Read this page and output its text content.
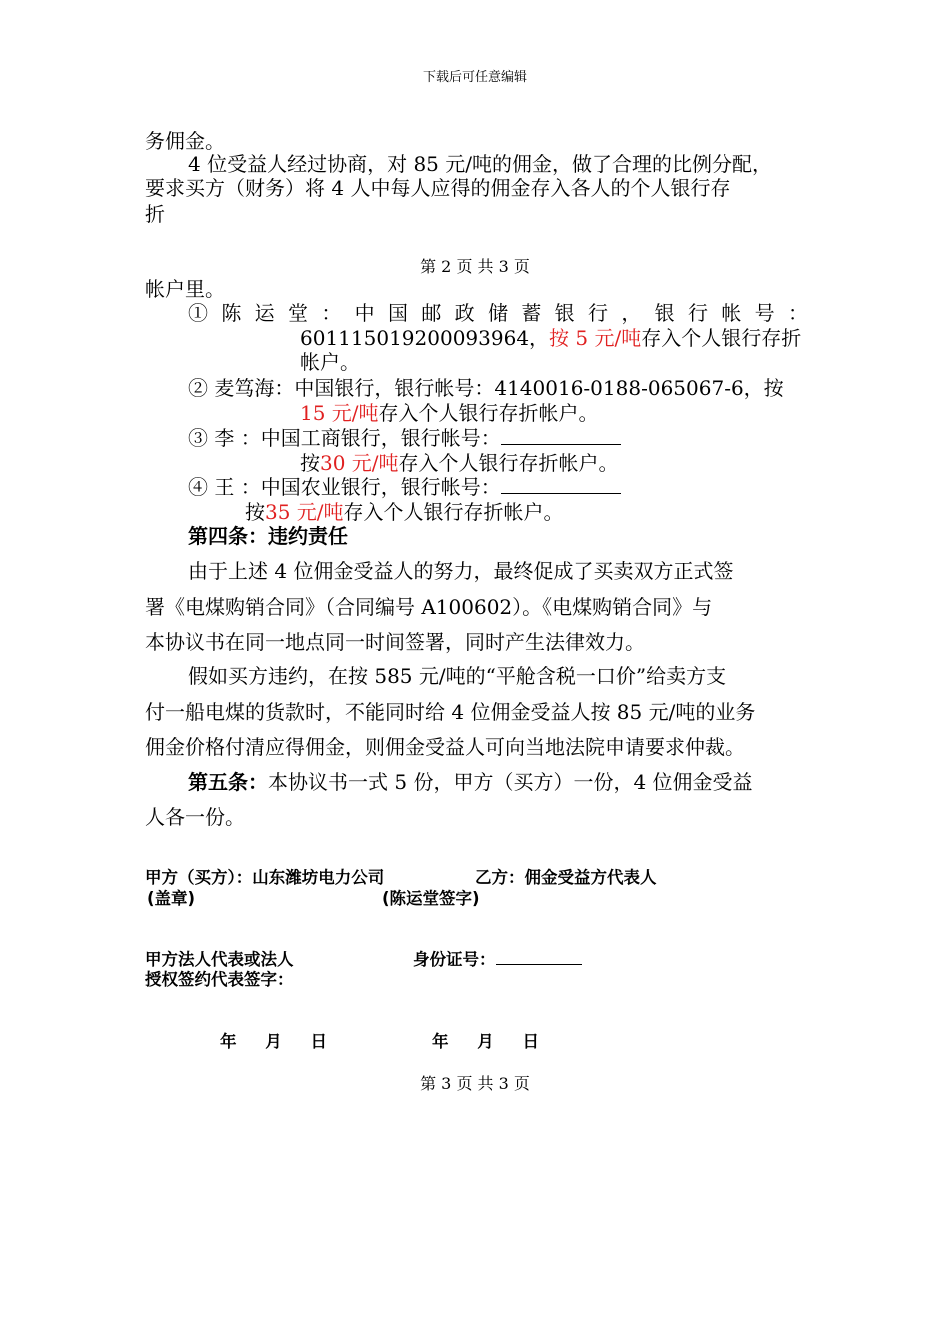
下载后可任意编辑
务佣金。
4 位受益人经过协商，对 85 元/吨的佣金，做了合理的比例分配，
要求买方（财务）将 4 人中每人应得的佣金存入各人的个人银行存
折
第 2 页 共 3 页
帐户里。
① 陈 运 堂 ： 中 国 邮 政 储 蓄 银 行 ， 银 行 帐 号 ：
601115019200093964，按 5 元/吨存入个人银行存折
帐户。
② 麦笃海：中国银行，银行帐号：4140016-0188-065067-6，按
15 元/吨存入个人银行存折帐户。
③ 李 ：中国工商银行，银行帐号：
按30 元/吨存入个人银行存折帐户。
④ 王 ：中国农业银行，银行帐号：
按35 元/吨存入个人银行存折帐户。
第四条：违约责任
由于上述 4 位佣金受益人的努力，最终促成了买卖双方正式签
署《电煤购销合同》（合同编号 A100602）。《电煤购销合同》与
本协议书在同一地点同一时间签署，同时产生法律效力。
假如买方违约，在按 585 元/吨的“平舱含税一口价”给卖方支
付一船电煤的货款时，不能同时给 4 位佣金受益人按 85 元/吨的业务
佣金价格付清应得佣金，则佣金受益人可向当地法院申请要求仲裁。
第五条：本协议书一式 5 份，甲方（买方）一份，4 位佣金受益
人各一份。
甲方（买方）：山东潍坊电力公司	乙方：佣金受益方代表人
(盖章)	(陈运堂签字)
甲方法人代表或法人
授权签约代表签字：
身份证号：
年     月     日	年     月     日
第 3 页 共 3 页
